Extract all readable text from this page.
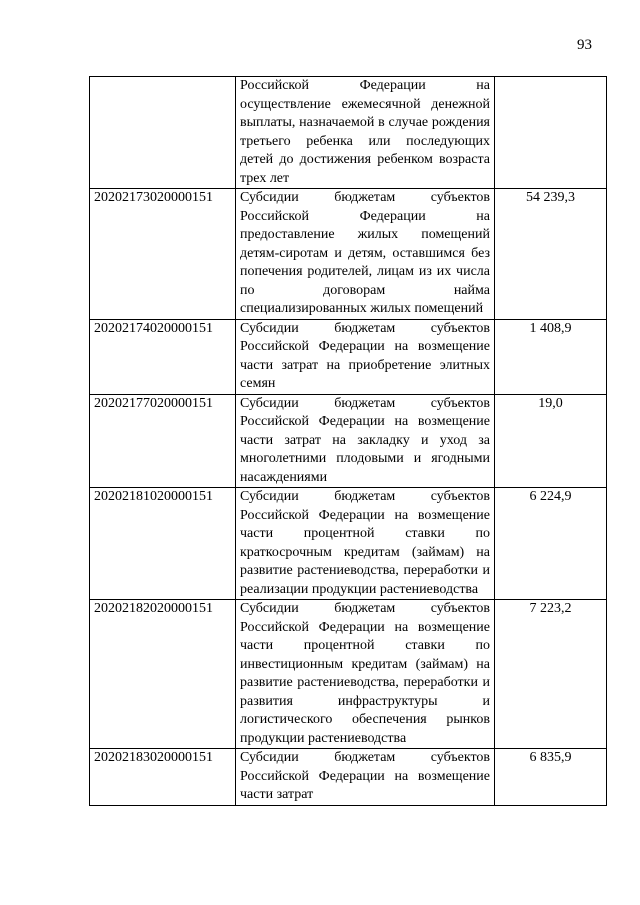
93

	Российской Федерации на осуществление ежемесячной денежной выплаты, назначаемой в случае рождения третьего ребенка или последующих детей до достижения ребенком возраста трех лет	

20202173020000151	Субсидии бюджетам субъектов Российской Федерации на предоставление жилых помещений детям-сиротам и детям, оставшимся без попечения родителей, лицам из их числа по договорам найма специализированных жилых помещений	54 239,3
20202174020000151	Субсидии бюджетам субъектов Российской Федерации на возмещение части затрат на приобретение элитных семян	1 408,9
20202177020000151	Субсидии бюджетам субъектов Российской Федерации на возмещение части затрат на закладку и уход за многолетними плодовыми и ягодными насаждениями	19,0
20202181020000151	Субсидии бюджетам субъектов Российской Федерации на возмещение части процентной ставки по краткосрочным кредитам (займам) на развитие растениеводства, переработки и реализации продукции растениеводства	6 224,9
20202182020000151	Субсидии бюджетам субъектов Российской Федерации на возмещение части процентной ставки по инвестиционным кредитам (займам) на развитие растениеводства, переработки и развития инфраструктуры и логистического обеспечения рынков продукции растениеводства	7 223,2
20202183020000151	Субсидии бюджетам субъектов Российской Федерации на возмещение части затрат	6 835,9
